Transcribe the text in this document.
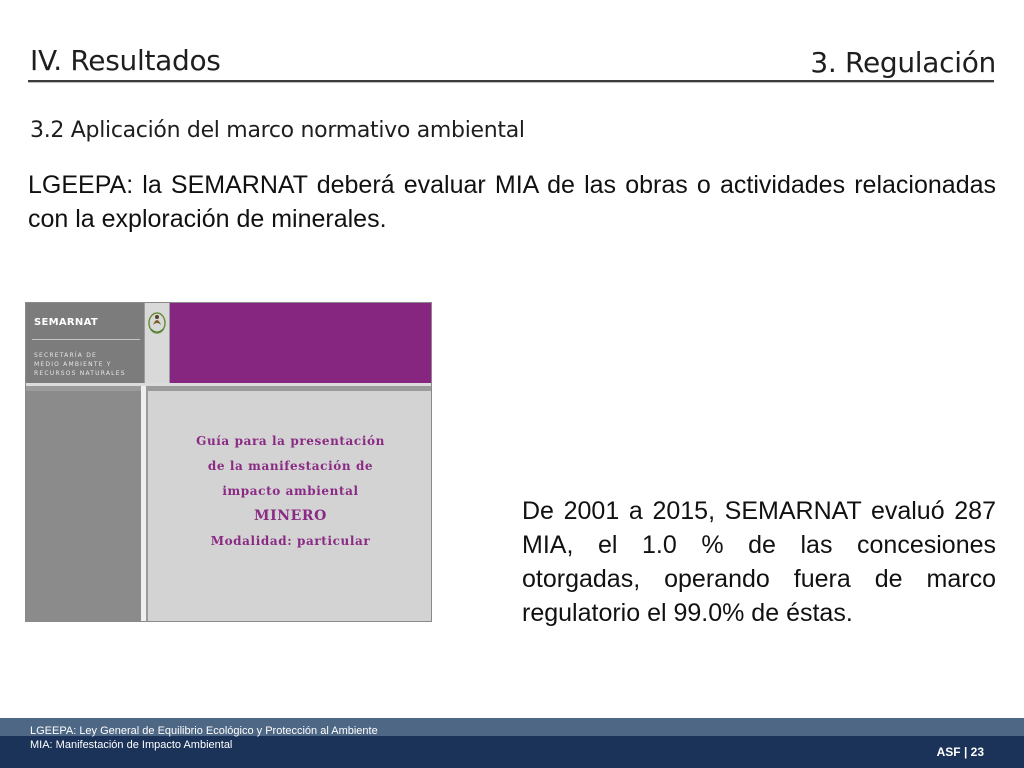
IV. Resultados	3. Regulación
3.2 Aplicación del marco normativo ambiental

LGEEPA: la SEMARNAT deberá evaluar MIA de las obras o actividades relacionadas con la exploración de minerales.

SEMARNAT
SECRETARÍA DE
MEDIO AMBIENTE Y
RECURSOS NATURALES
Guía para la presentación
de la manifestación de
impacto ambiental
MINERO
Modalidad: particular

De 2001 a 2015, SEMARNAT evaluó 287 MIA, el 1.0 % de las concesiones otorgadas, operando fuera de marco regulatorio el 99.0% de éstas.

LGEEPA: Ley General de Equilibrio Ecológico y Protección al Ambiente
MIA: Manifestación de Impacto Ambiental	ASF | 23
